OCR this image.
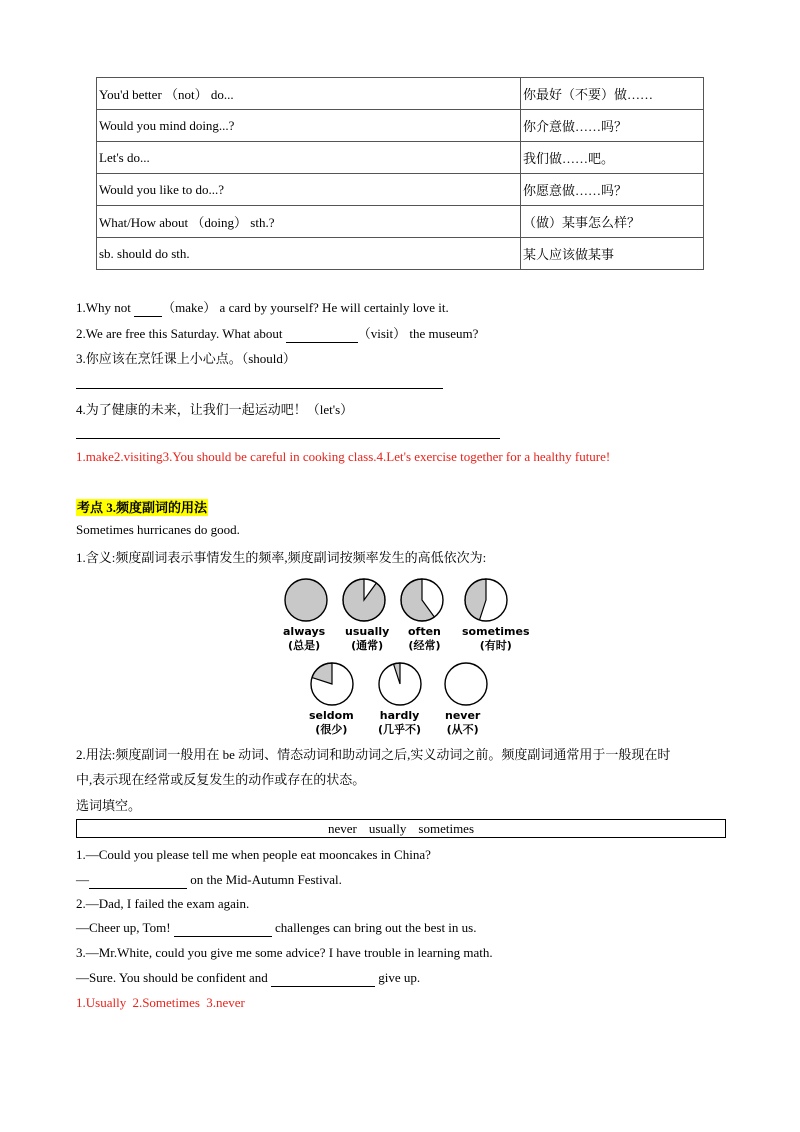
You'd better （not） do...	你最好（不要）做……
Would you mind doing...?	你介意做……吗？
Let's do...	我们做……吧。
Would you like to do...?	你愿意做……吗？
What/How about （doing） sth.?	（做）某事怎么样？
sb. should do sth.	某人应该做某事
1.Why not  （make） a card by yourself? He will certainly love it.
2.We are free this Saturday. What about	（visit） the museum?
3.你应该在烹饪课上小心点。（should）
4.为了健康的未来，让我们一起运动吧！（let's）
1.make2.visiting3.You should be careful in cooking class.4.Let's exercise together for a healthy future!
考点 3.频度副词的用法
Sometimes hurricanes do good.
1.含义:频度副词表示事情发生的频率,频度副词按频率发生的高低依次为:
always
(总是)
usually
(通常)
often
(经常)
sometimes
(有时)
seldom
(很少)
hardly
(几乎不)
never
(从不)
2.用法:频度副词一般用在 be 动词、情态动词和助动词之后,实义动词之前。频度副词通常用于一般现在时
中,表示现在经常或反复发生的动作或存在的状态。
选词填空。
never usually sometimes
1.—Could you please tell me when people eat mooncakes in China?
—	on the Mid-Autumn Festival.
2.—Dad, I failed the exam again.
—Cheer up, Tom!	challenges can bring out the best in us.
3.—Mr.White, could you give me some advice? I have trouble in learning math.
—Sure. You should be confident and	give up.
1.Usually 2.Sometimes 3.never
